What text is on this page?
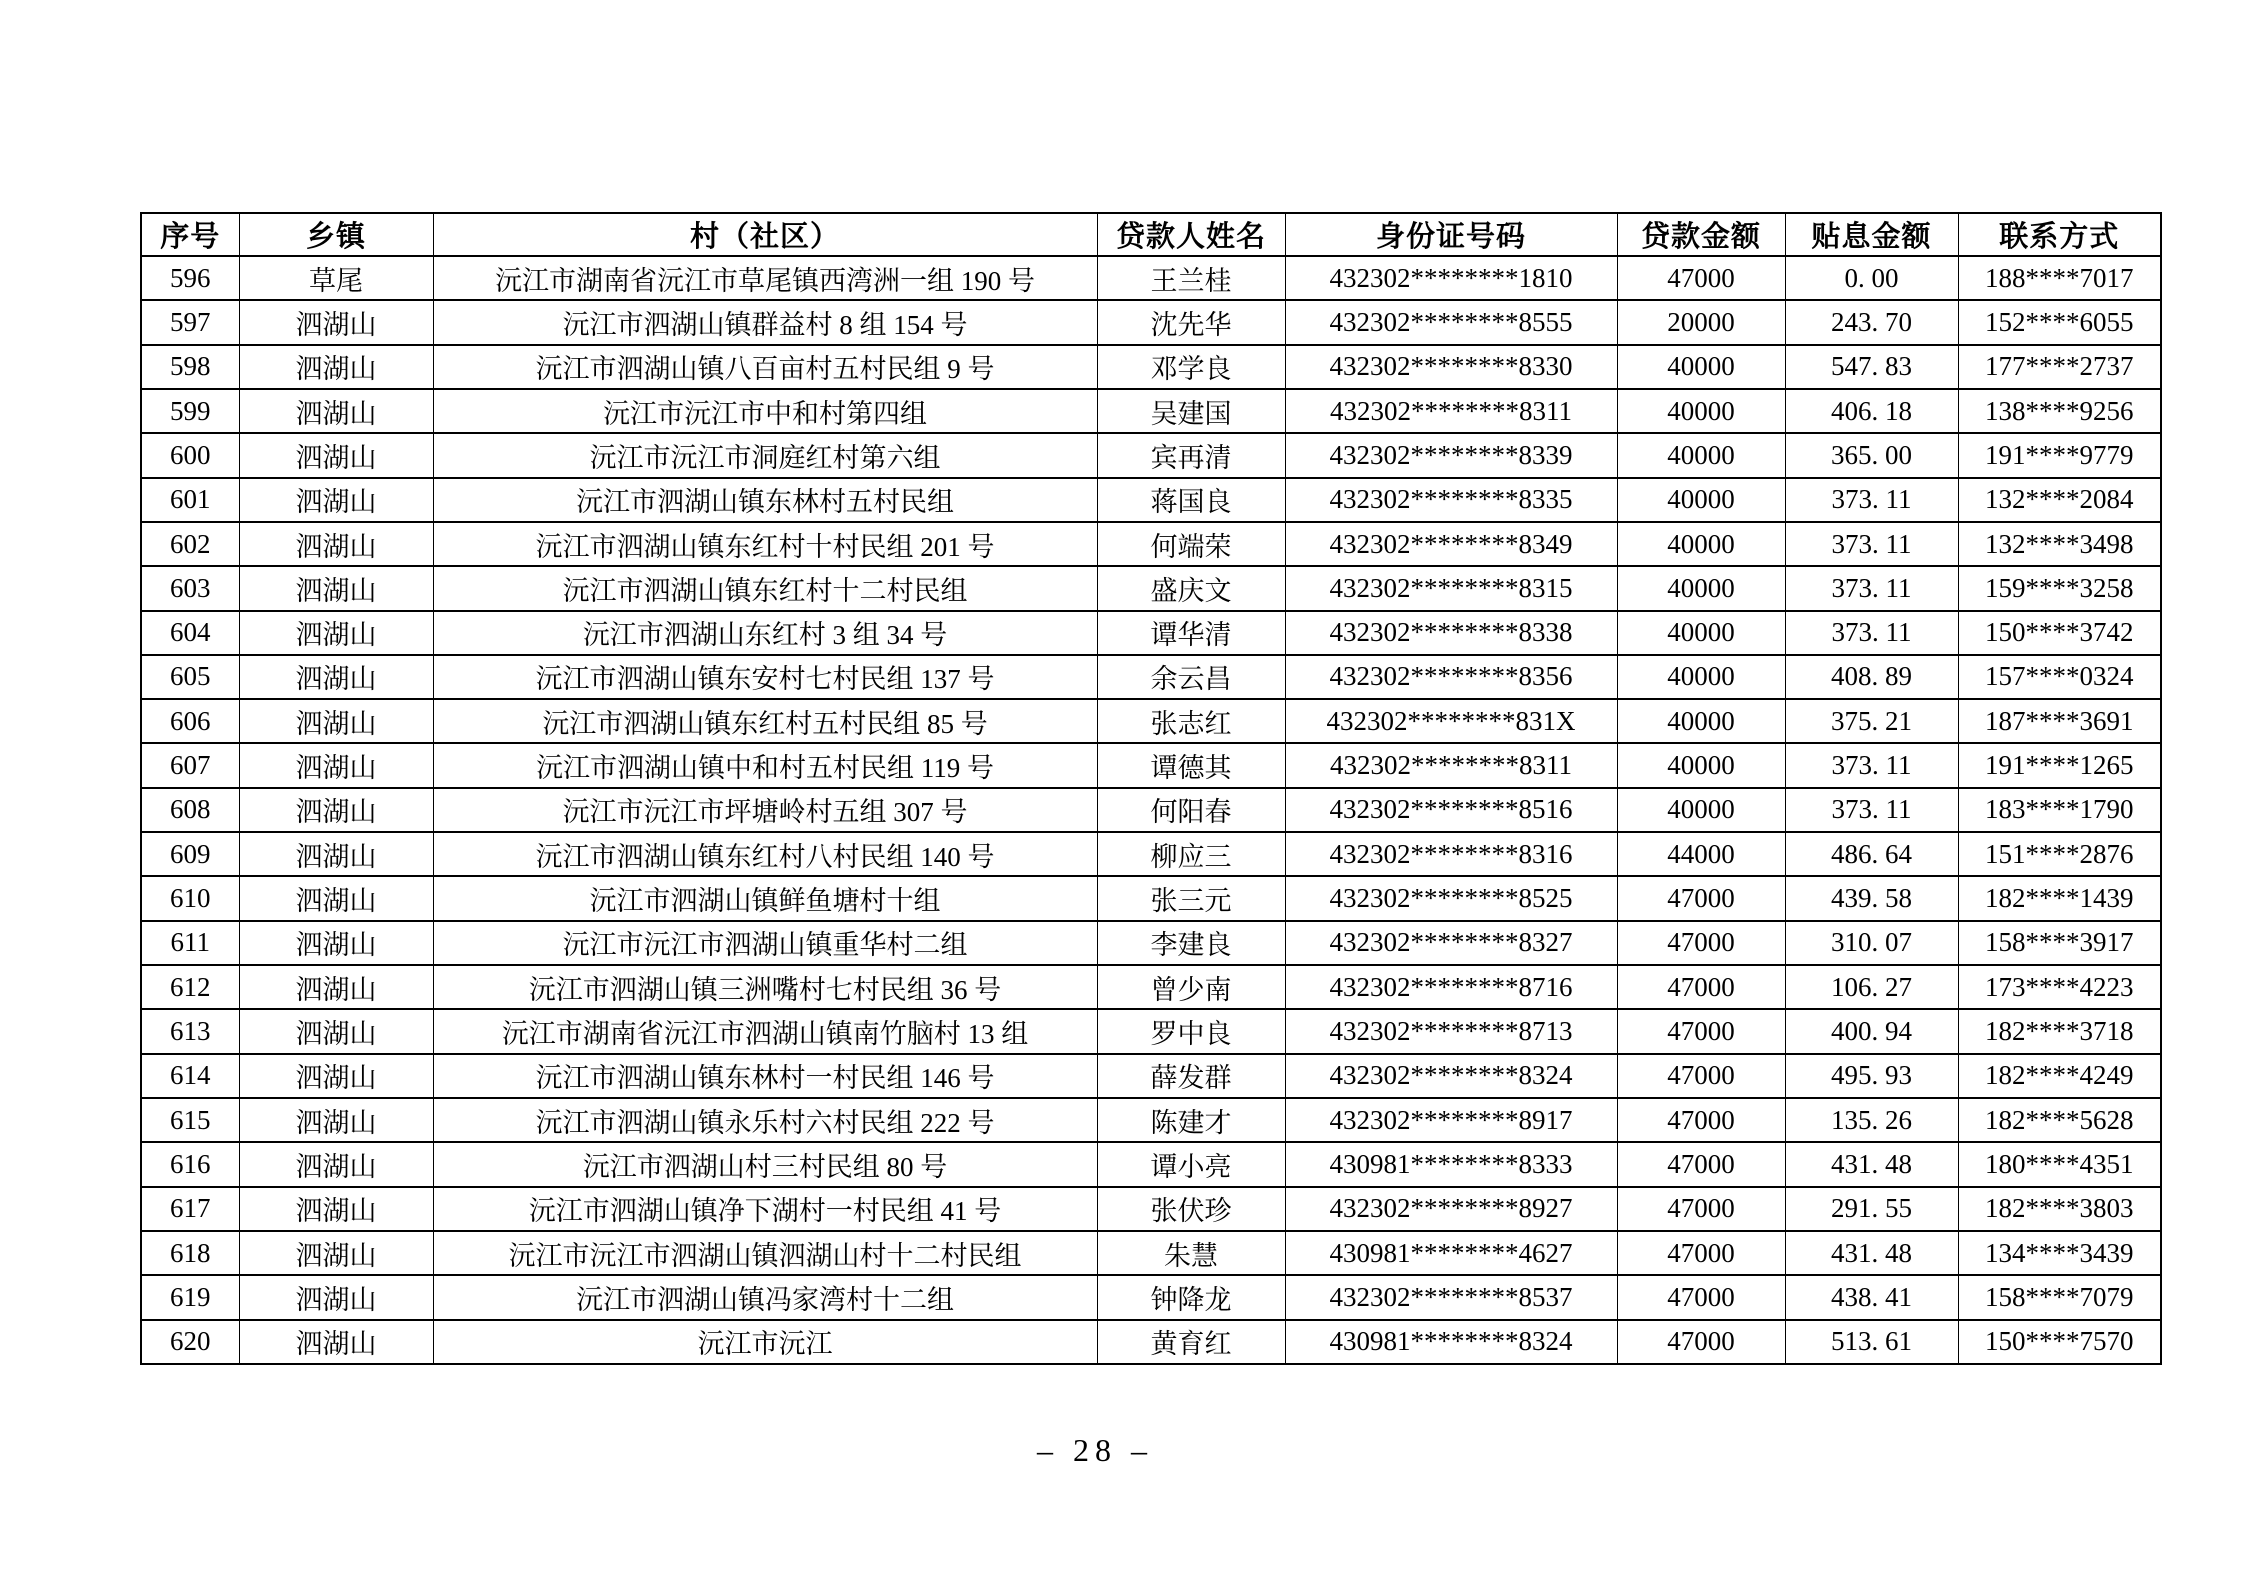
序号	乡镇	村（社区）	贷款人姓名	身份证号码	贷款金额	贴息金额	联系方式
596	草尾	沅江市湖南省沅江市草尾镇西湾洲一组 190 号	王兰桂	432302********1810	47000	0. 00	188****7017
597	泗湖山	沅江市泗湖山镇群益村 8 组 154 号	沈先华	432302********8555	20000	243. 70	152****6055
598	泗湖山	沅江市泗湖山镇八百亩村五村民组 9 号	邓学良	432302********8330	40000	547. 83	177****2737
599	泗湖山	沅江市沅江市中和村第四组	吴建国	432302********8311	40000	406. 18	138****9256
600	泗湖山	沅江市沅江市洞庭红村第六组	宾再清	432302********8339	40000	365. 00	191****9779
601	泗湖山	沅江市泗湖山镇东林村五村民组	蒋国良	432302********8335	40000	373. 11	132****2084
602	泗湖山	沅江市泗湖山镇东红村十村民组 201 号	何端荣	432302********8349	40000	373. 11	132****3498
603	泗湖山	沅江市泗湖山镇东红村十二村民组	盛庆文	432302********8315	40000	373. 11	159****3258
604	泗湖山	沅江市泗湖山东红村 3 组 34 号	谭华清	432302********8338	40000	373. 11	150****3742
605	泗湖山	沅江市泗湖山镇东安村七村民组 137 号	余云昌	432302********8356	40000	408. 89	157****0324
606	泗湖山	沅江市泗湖山镇东红村五村民组 85 号	张志红	432302********831X	40000	375. 21	187****3691
607	泗湖山	沅江市泗湖山镇中和村五村民组 119 号	谭德其	432302********8311	40000	373. 11	191****1265
608	泗湖山	沅江市沅江市坪塘岭村五组 307 号	何阳春	432302********8516	40000	373. 11	183****1790
609	泗湖山	沅江市泗湖山镇东红村八村民组 140 号	柳应三	432302********8316	44000	486. 64	151****2876
610	泗湖山	沅江市泗湖山镇鲜鱼塘村十组	张三元	432302********8525	47000	439. 58	182****1439
611	泗湖山	沅江市沅江市泗湖山镇重华村二组	李建良	432302********8327	47000	310. 07	158****3917
612	泗湖山	沅江市泗湖山镇三洲嘴村七村民组 36 号	曾少南	432302********8716	47000	106. 27	173****4223
613	泗湖山	沅江市湖南省沅江市泗湖山镇南竹脑村 13 组	罗中良	432302********8713	47000	400. 94	182****3718
614	泗湖山	沅江市泗湖山镇东林村一村民组 146 号	薛发群	432302********8324	47000	495. 93	182****4249
615	泗湖山	沅江市泗湖山镇永乐村六村民组 222 号	陈建才	432302********8917	47000	135. 26	182****5628
616	泗湖山	沅江市泗湖山村三村民组 80 号	谭小亮	430981********8333	47000	431. 48	180****4351
617	泗湖山	沅江市泗湖山镇净下湖村一村民组 41 号	张伏珍	432302********8927	47000	291. 55	182****3803
618	泗湖山	沅江市沅江市泗湖山镇泗湖山村十二村民组	朱慧	430981********4627	47000	431. 48	134****3439
619	泗湖山	沅江市泗湖山镇冯家湾村十二组	钟降龙	432302********8537	47000	438. 41	158****7079
620	泗湖山	沅江市沅江	黄育红	430981********8324	47000	513. 61	150****7570
– 28 –
